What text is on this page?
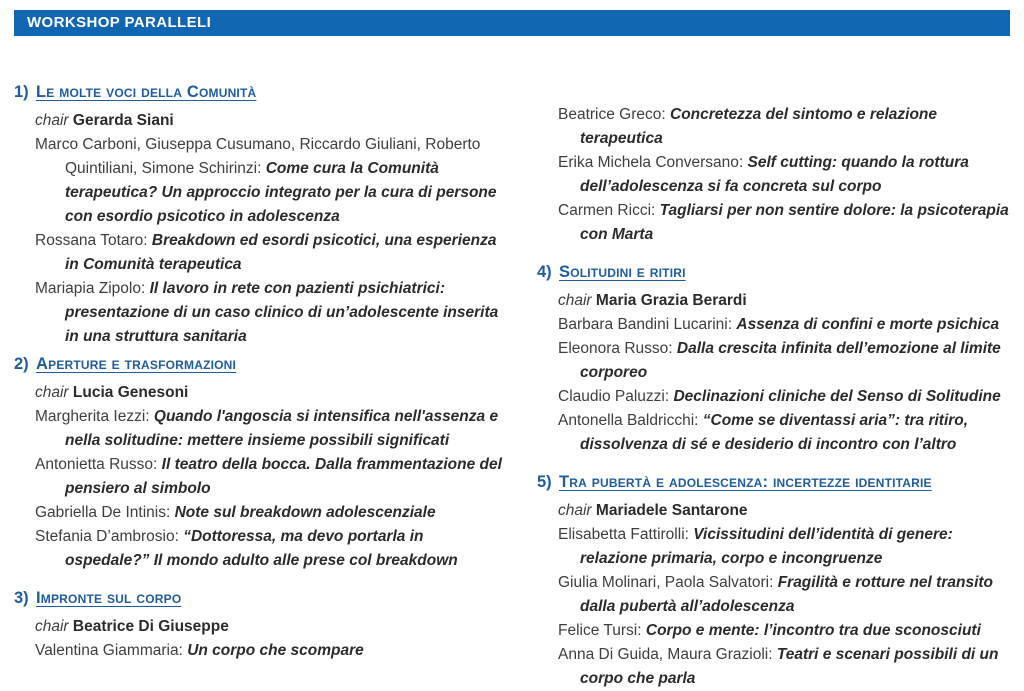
WORKSHOP PARALLELI
1) Le molte voci della Comunità

chair Gerarda Siani

Marco Carboni, Giuseppa Cusumano, Riccardo Giuliani, Roberto Quintiliani, Simone Schirinzi: Come cura la Comunità terapeutica? Un approccio integrato per la cura di persone con esordio psicotico in adolescenza

Rossana Totaro: Breakdown ed esordi psicotici, una esperienza in Comunità terapeutica

Mariapia Zipolo: Il lavoro in rete con pazienti psichiatrici: presentazione di un caso clinico di un’adolescente inserita in una struttura sanitaria

2) Aperture e trasformazioni

chair Lucia Genesoni

Margherita Iezzi: Quando l'angoscia si intensifica nell'assenza e nella solitudine: mettere insieme possibili significati

Antonietta Russo: Il teatro della bocca. Dalla frammentazione del pensiero al simbolo

Gabriella De Intinis: Note sul breakdown adolescenziale

Stefania D’ambrosio: “Dottoressa, ma devo portarla in ospedale?” Il mondo adulto alle prese col breakdown

3) Impronte sul corpo

chair Beatrice Di Giuseppe

Valentina Giammaria: Un corpo che scompare

Beatrice Greco: Concretezza del sintomo e relazione terapeutica

Erika Michela Conversano: Self cutting: quando la rottura dell’adolescenza si fa concreta sul corpo

Carmen Ricci: Tagliarsi per non sentire dolore: la psicoterapia con Marta

4) Solitudini e ritiri

chair Maria Grazia Berardi

Barbara Bandini Lucarini: Assenza di confini e morte psichica

Eleonora Russo: Dalla crescita infinita dell’emozione al limite corporeo

Claudio Paluzzi: Declinazioni cliniche del Senso di Solitudine

Antonella Baldricchi: “Come se diventassi aria”: tra ritiro, dissolvenza di sé e desiderio di incontro con l’altro

5) Tra pubertà e adolescenza: incertezze identitarie

chair Mariadele Santarone

Elisabetta Fattirolli: Vicissitudini dell’identità di genere: relazione primaria, corpo e incongruenze

Giulia Molinari, Paola Salvatori: Fragilità e rotture nel transito dalla pubertà all’adolescenza

Felice Tursi: Corpo e mente: l’incontro tra due sconosciuti

Anna Di Guida, Maura Grazioli: Teatri e scenari possibili di un corpo che parla
